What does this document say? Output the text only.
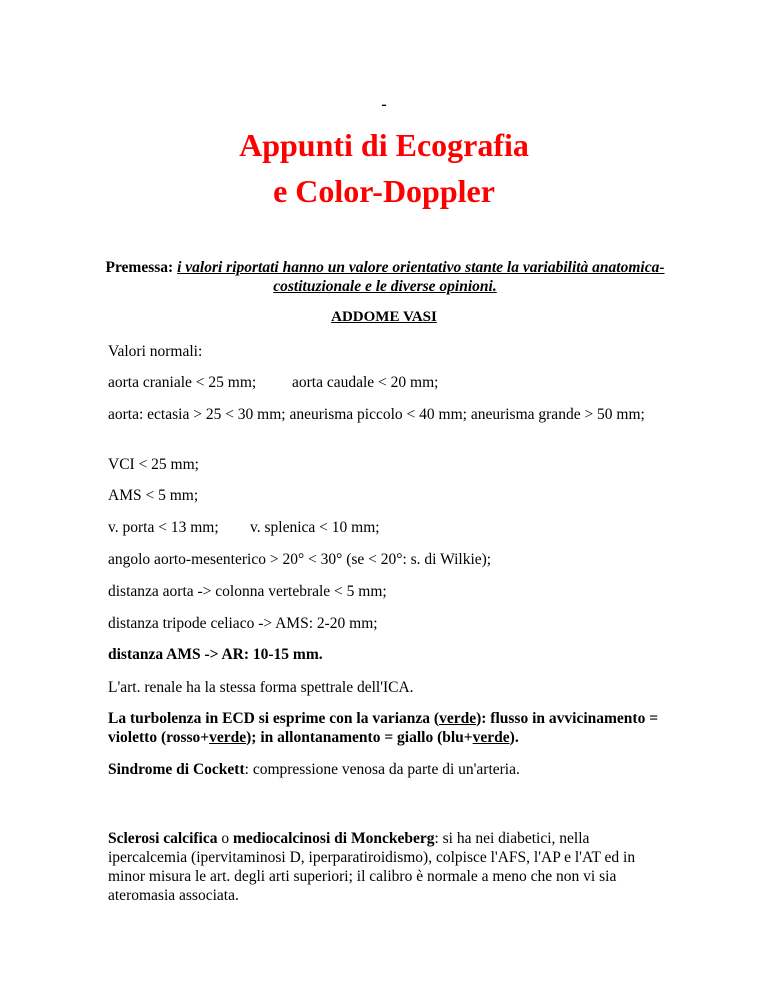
-
Appunti di Ecografia
e Color-Doppler
Premessa: i valori riportati hanno un valore orientativo stante la variabilità anatomica-costituzionale e le diverse opinioni.
ADDOME VASI
Valori normali:
aorta craniale < 25 mm; aorta caudale < 20 mm;
aorta: ectasia > 25 < 30 mm; aneurisma piccolo < 40 mm; aneurisma grande > 50 mm;
VCI < 25 mm;
AMS < 5 mm;
v. porta < 13 mm; v. splenica < 10 mm;
angolo aorto-mesenterico > 20° < 30° (se < 20°: s. di Wilkie);
distanza aorta -> colonna vertebrale < 5 mm;
distanza tripode celiaco -> AMS: 2-20 mm;
distanza AMS -> AR: 10-15 mm.
L'art. renale ha la stessa forma spettrale dell'ICA.
La turbolenza in ECD si esprime con la varianza (verde): flusso in avvicinamento = violetto (rosso+verde); in allontanamento = giallo (blu+verde).
Sindrome di Cockett: compressione venosa da parte di un'arteria.
Sclerosi calcifica o mediocalcinosi di Monckeberg: si ha nei diabetici, nella ipercalcemia (ipervitaminosi D, iperparatiroidismo), colpisce l'AFS, l'AP e l'AT ed in minor misura le art. degli arti superiori; il calibro è normale a meno che non vi sia ateromasia associata.
